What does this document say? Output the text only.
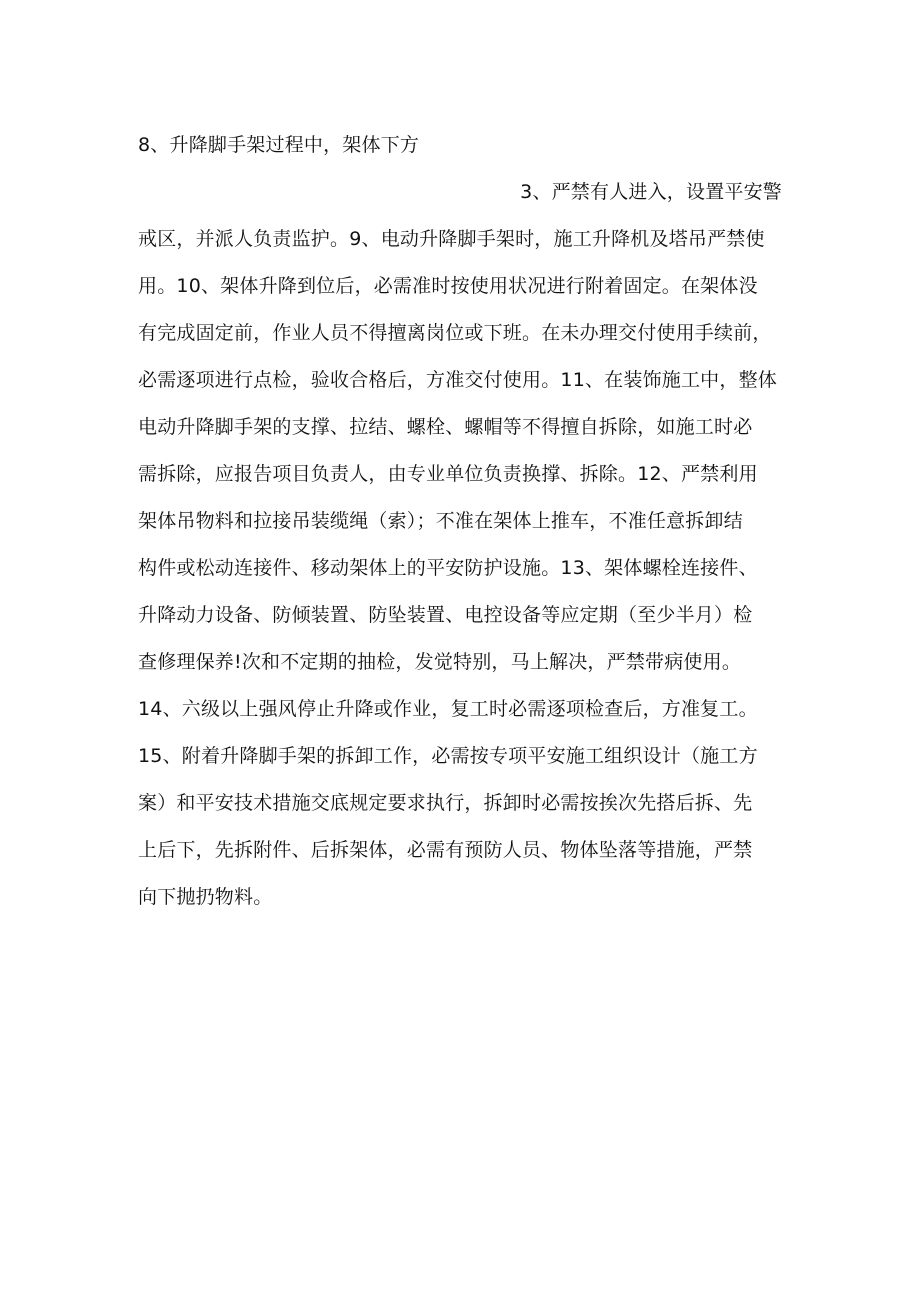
8、升降脚手架过程中，架体下方
3、严禁有人进入，设置平安警
戒区，并派人负责监护。9、电动升降脚手架时，施工升降机及塔吊严禁使
用。10、架体升降到位后，必需准时按使用状况进行附着固定。在架体没
有完成固定前，作业人员不得擅离岗位或下班。在未办理交付使用手续前，
必需逐项进行点检，验收合格后，方准交付使用。11、在装饰施工中，整体
电动升降脚手架的支撑、拉结、螺栓、螺帽等不得擅自拆除，如施工时必
需拆除，应报告项目负责人，由专业单位负责换撑、拆除。12、严禁利用
架体吊物料和拉接吊装缆绳（索）；不准在架体上推车，不准任意拆卸结
构件或松动连接件、移动架体上的平安防护设施。13、架体螺栓连接件、
升降动力设备、防倾装置、防坠装置、电控设备等应定期（至少半月）检
查修理保养!次和不定期的抽检，发觉特别，马上解决，严禁带病使用。
14、六级以上强风停止升降或作业，复工时必需逐项检查后，方准复工。
15、附着升降脚手架的拆卸工作，必需按专项平安施工组织设计（施工方
案）和平安技术措施交底规定要求执行，拆卸时必需按挨次先搭后拆、先
上后下，先拆附件、后拆架体，必需有预防人员、物体坠落等措施，严禁
向下抛扔物料。
